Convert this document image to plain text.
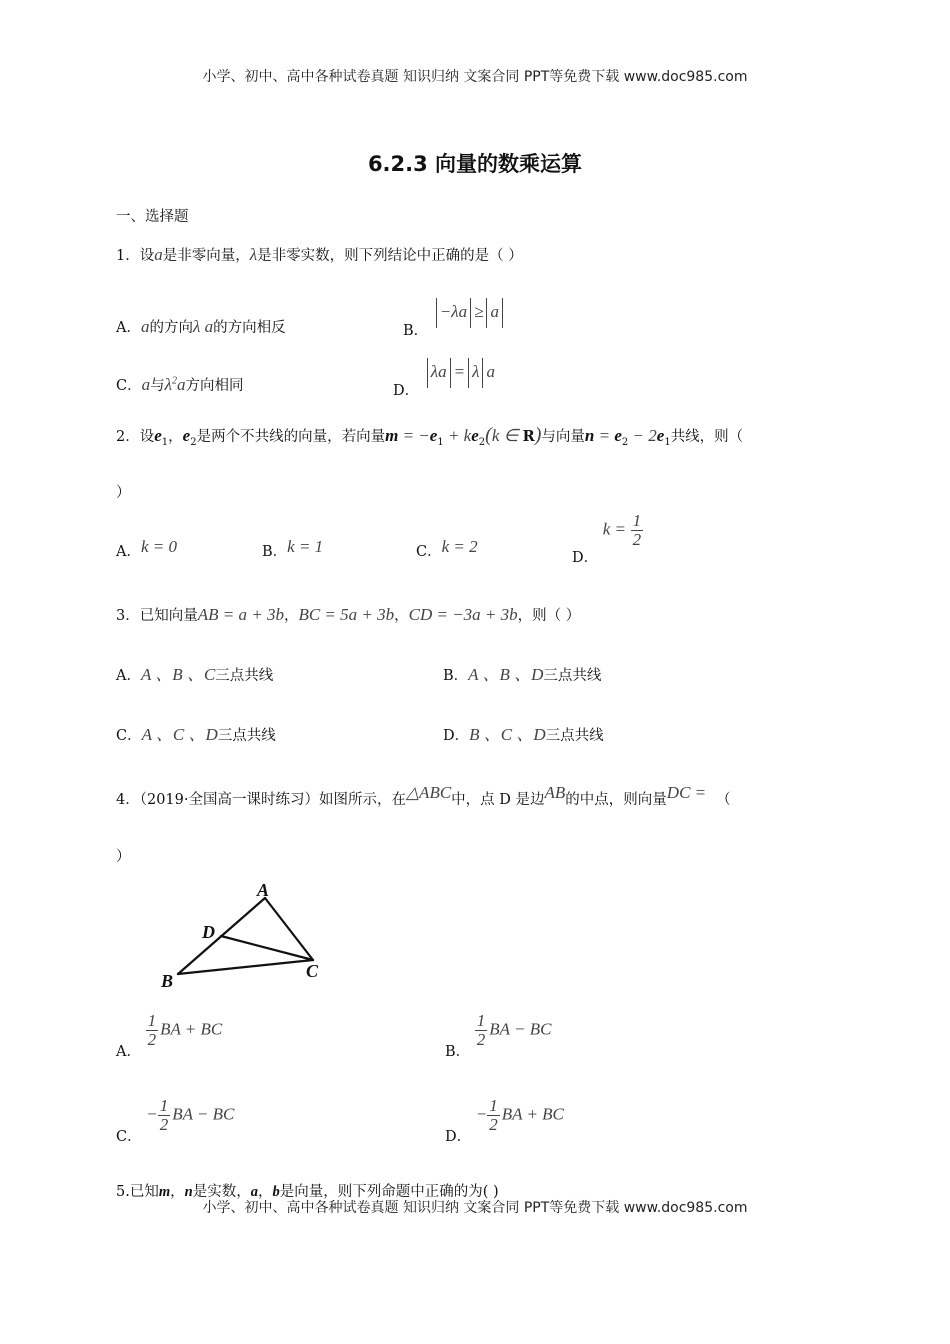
小学、初中、高中各种试卷真题 知识归纳 文案合同 PPT等免费下载 www.doc985.com
6.2.3 向量的数乘运算
一、选择题
1．设a是非零向量，λ是非零实数，则下列结论中正确的是（ ）
A．a的方向λ a的方向相反	B． −λa ≥ a
C．a与$\lambda^2a$方向相同	D． λa = λ a
2．设$e_1$，$e_2$是两个不共线的向量，若向量$m = -e_1 + ke_2(k$ ∈ R)与向量$n = e_2 - 2e_1$共线，则（
）
A．k = 0	B．k = 1	C．k = 2
D． $k = \frac{1}{2}$
3．已知向量AB = a + 3b，BC = 5a + 3b，CD = −3a + 3b，则（ ）
A．A 、B 、C三点共线	B．A 、B 、D三点共线
C．A 、C 、D三点共线	D．B 、C 、D三点共线
4．（2019·全国高一课时练习）如图所示，在△ABC中，点 D 是边AB的中点，则向量DC = （
）
A
D
B	C
A．
$\frac{1}{2}$ BA + BC
B．
$\frac{1}{2}$ BA − BC
C． − $\frac{1}{2}$ BA − BC
D． − $\frac{1}{2}$ BA + BC
5.已知m，n是实数，a，b是向量，则下列命题中正确的为( )
小学、初中、高中各种试卷真题 知识归纳 文案合同 PPT等免费下载 www.doc985.com
